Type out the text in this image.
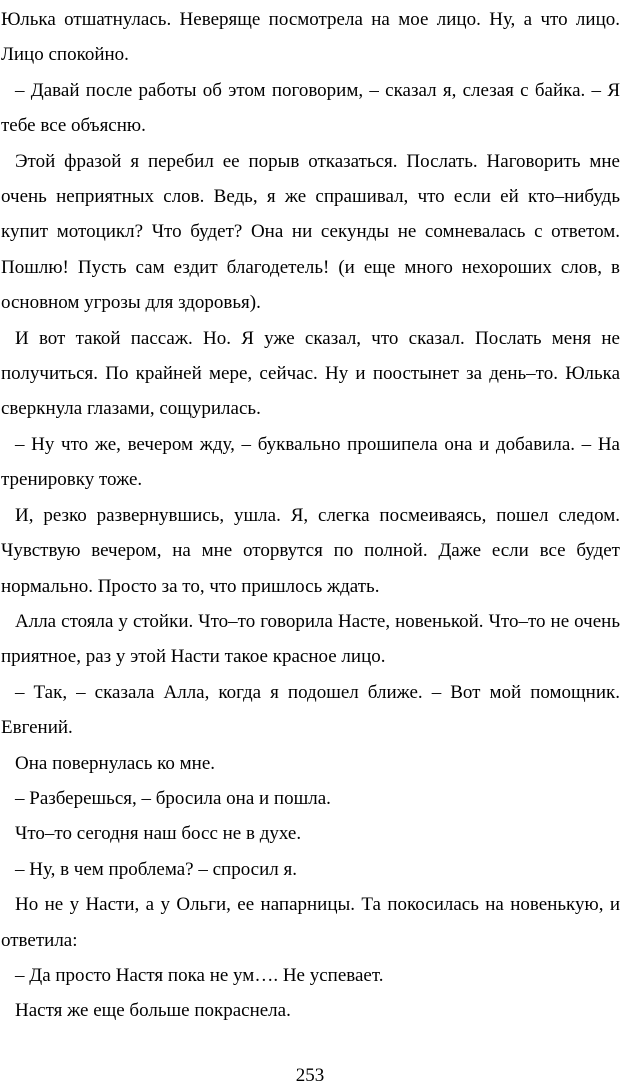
Юлька отшатнулась. Неверяще посмотрела на мое лицо. Ну, а что лицо. Лицо спокойно.

– Давай после работы об этом поговорим, – сказал я, слезая с байка. – Я тебе все объясню.

Этой фразой я перебил ее порыв отказаться. Послать. Наговорить мне очень неприятных слов. Ведь, я же спрашивал, что если ей кто–нибудь купит мотоцикл? Что будет? Она ни секунды не сомневалась с ответом. Пошлю! Пусть сам ездит благодетель! (и еще много нехороших слов, в основном угрозы для здоровья).

И вот такой пассаж. Но. Я уже сказал, что сказал. Послать меня не получиться. По крайней мере, сейчас. Ну и поостынет за день–то. Юлька сверкнула глазами, сощурилась.

– Ну что же, вечером жду, – буквально прошипела она и добавила. – На тренировку тоже.

И, резко развернувшись, ушла. Я, слегка посмеиваясь, пошел следом. Чувствую вечером, на мне оторвутся по полной. Даже если все будет нормально. Просто за то, что пришлось ждать.

Алла стояла у стойки. Что–то говорила Насте, новенькой. Что–то не очень приятное, раз у этой Насти такое красное лицо.

– Так, – сказала Алла, когда я подошел ближе. – Вот мой помощник. Евгений.

Она повернулась ко мне.

– Разберешься, – бросила она и пошла.

Что–то сегодня наш босс не в духе.

– Ну, в чем проблема? – спросил я.

Но не у Насти, а у Ольги, ее напарницы. Та покосилась на новенькую, и ответила:

– Да просто Настя пока не ум…. Не успевает.

Настя же еще больше покраснела.

253
